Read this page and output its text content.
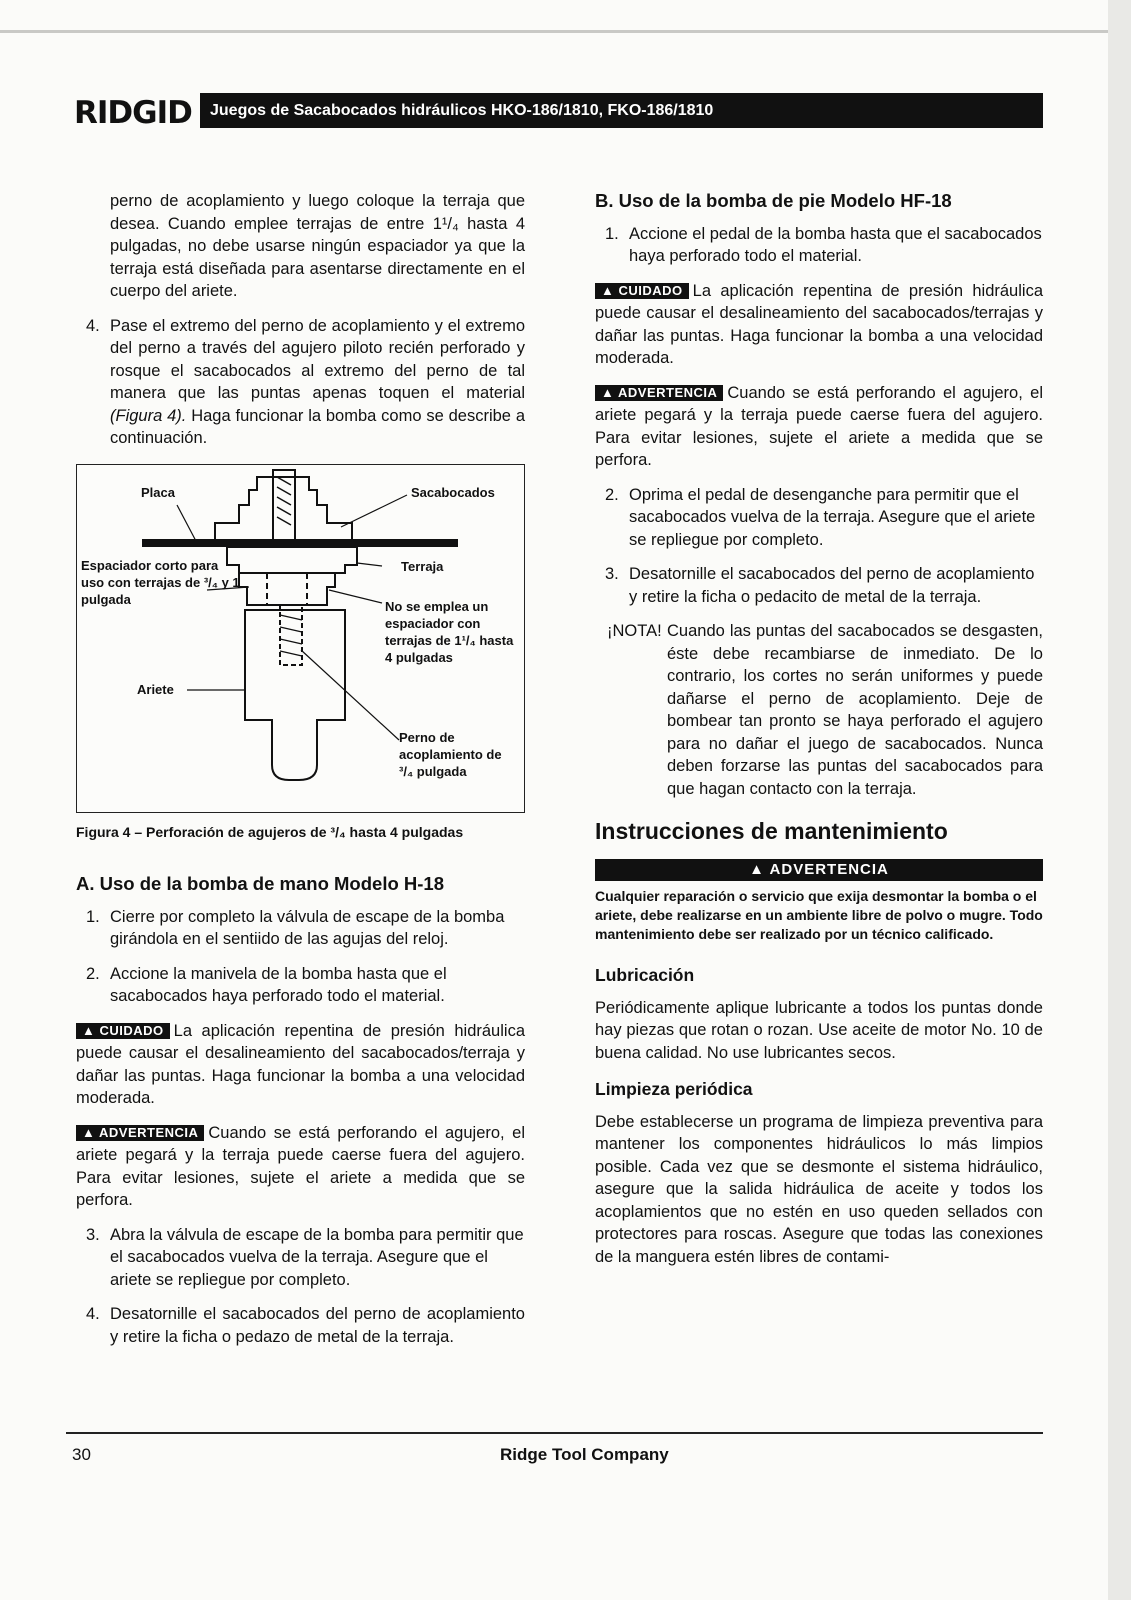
RIDGID	Juegos de Sacabocados hidráulicos HKO-186/1810, FKO-186/1810

perno de acoplamiento y luego coloque la terraja que desea. Cuando emplee terrajas de entre 1¹/₄ hasta 4 pulgadas, no debe usarse ningún espaciador ya que la terraja está diseñada para asentarse directamente en el cuerpo del ariete.

4. Pase el extremo del perno de acoplamiento y el extremo del perno a través del agujero piloto recién perforado y rosque el sacabocados al extremo del perno de tal manera que las puntas apenas toquen el material (Figura 4). Haga funcionar la bomba como se describe a continuación.
Placa	Sacabocados
Espaciador corto para uso con terrajas de ³/₄ y 1 pulgada
Terraja
No se emplea un espaciador con terrajas de 1¹/₄ hasta 4 pulgadas
Ariete
Perno de acoplamiento de ³/₄ pulgada
Figura 4 – Perforación de agujeros de ³/₄ hasta 4 pulgadas
A. Uso de la bomba de mano Modelo H-18
1. Cierre por completo la válvula de escape de la bomba girándola en el sentiido de las agujas del reloj.
2. Accione la manivela de la bomba hasta que el sacabocados haya perforado todo el material.

▲ CUIDADO La aplicación repentina de presión hidráulica puede causar el desalineamiento del sacabocados/terraja y dañar las puntas. Haga funcionar la bomba a una velocidad moderada.

▲ ADVERTENCIA Cuando se está perforando el agujero, el ariete pegará y la terraja puede caerse fuera del agujero. Para evitar lesiones, sujete el ariete a medida que se perfora.

3. Abra la válvula de escape de la bomba para permitir que el sacabocados vuelva de la terraja. Asegure que el ariete se repliegue por completo.
4. Desatornille el sacabocados del perno de acoplamiento y retire la ficha o pedazo de metal de la terraja.
B. Uso de la bomba de pie Modelo HF-18
1. Accione el pedal de la bomba hasta que el sacabocados haya perforado todo el material.

▲ CUIDADO La aplicación repentina de presión hidráulica puede causar el desalineamiento del sacabocados/terrajas y dañar las puntas. Haga funcionar la bomba a una velocidad moderada.

▲ ADVERTENCIA Cuando se está perforando el agujero, el ariete pegará y la terraja puede caerse fuera del agujero. Para evitar lesiones, sujete el ariete a medida que se perfora.

2. Oprima el pedal de desenganche para permitir que el sacabocados vuelva de la terraja. Asegure que el ariete se repliegue por completo.
3. Desatornille el sacabocados del perno de acoplamiento y retire la ficha o pedacito de metal de la terraja.
¡NOTA! Cuando las puntas del sacabocados se desgasten, éste debe recambiarse de inmediato. De lo contrario, los cortes no serán uniformes y puede dañarse el perno de acoplamiento. Deje de bombear tan pronto se haya perforado el agujero para no dañar el juego de sacabocados. Nunca deben forzarse las puntas del sacabocados para que hagan contacto con la terraja.
Instrucciones de mantenimiento
▲ ADVERTENCIA
Cualquier reparación o servicio que exija desmontar la bomba o el ariete, debe realizarse en un ambiente libre de polvo o mugre. Todo mantenimiento debe ser realizado por un técnico calificado.
Lubricación

Periódicamente aplique lubricante a todos los puntas donde hay piezas que rotan o rozan. Use aceite de motor No. 10 de buena calidad. No use lubricantes secos.

Limpieza periódica

Debe establecerse un programa de limpieza preventiva para mantener los componentes hidráulicos lo más limpios posible. Cada vez que se desmonte el sistema hidráulico, asegure que la salida hidráulica de aceite y todos los acoplamientos que no estén en uso queden sellados con protectores para roscas. Asegure que todas las conexiones de la manguera estén libres de contami-

30	Ridge Tool Company
